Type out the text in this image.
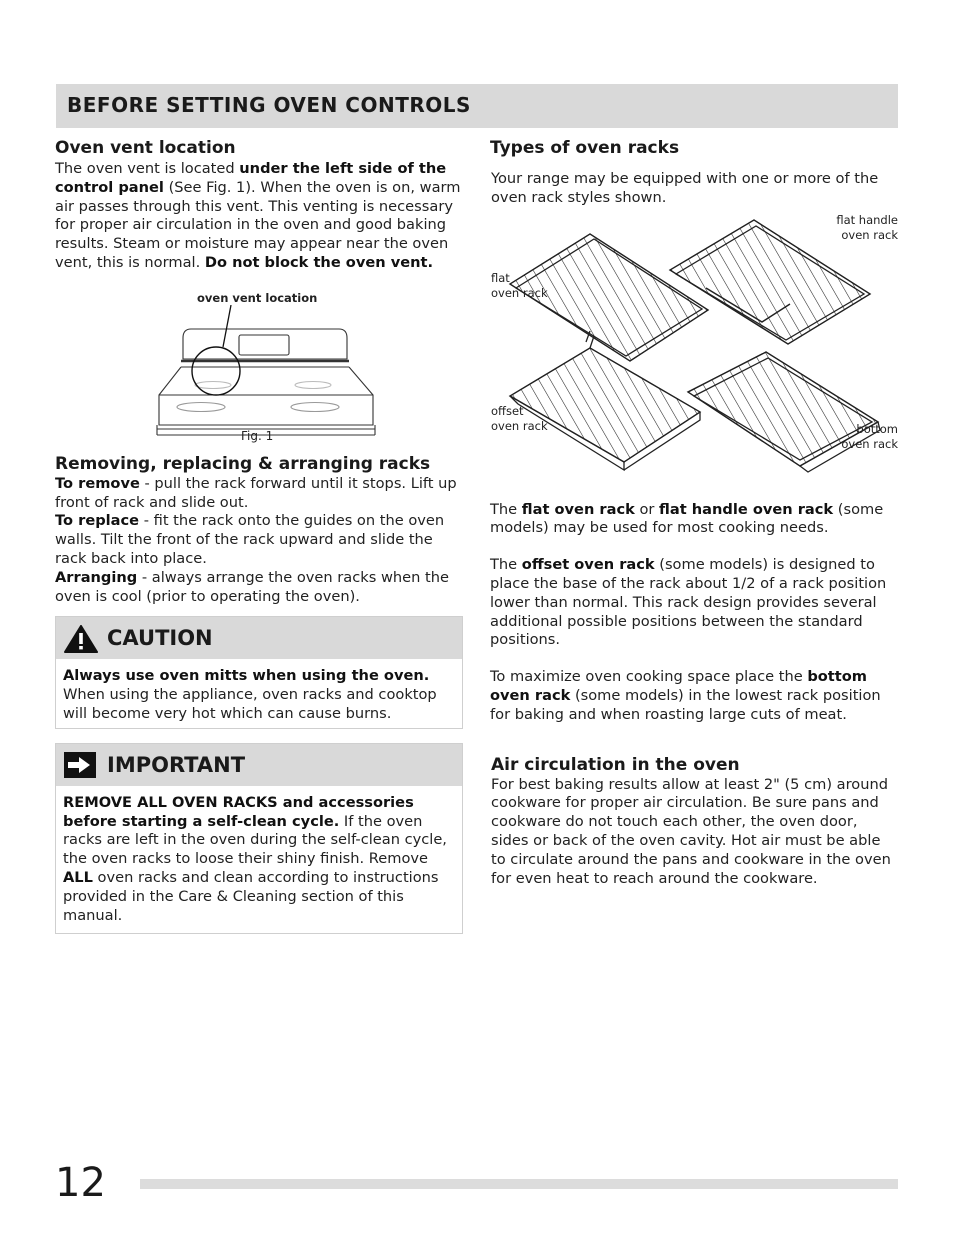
BEFORE SETTING OVEN CONTROLS
Oven vent location

The oven vent is located under the left side of the control panel (See Fig. 1). When the oven is on, warm air passes through this vent. This venting is necessary for proper air circulation in the oven and good baking results. Steam or moisture may appear near the oven vent, this is normal. Do not block the oven vent.

oven vent location
Fig. 1
Removing, replacing & arranging racks

To remove - pull the rack forward until it stops. Lift up front of rack and slide out.

To replace - fit the rack onto the guides on the oven walls. Tilt the front of the rack upward and slide the rack back into place.

Arranging - always arrange the oven racks when the oven is cool (prior to operating the oven).

CAUTION

Always use oven mitts when using the oven. When using the appliance, oven racks and cooktop will become very hot which can cause burns.

IMPORTANT

REMOVE ALL OVEN RACKS and accessories before starting a self-clean cycle. If the oven racks are left in the oven during the self-clean cycle, the oven racks to loose their shiny finish. Remove ALL oven racks and clean according to instructions provided in the Care & Cleaning section of this manual.

Types of oven racks

Your range may be equipped with one or more of the oven rack styles shown.

flat handle
oven rack
flat
oven rack
offset
oven rack	bottom
oven rack

The flat oven rack or flat handle oven rack (some models) may be used for most cooking needs.

The offset oven rack (some models) is designed to place the base of the rack about 1/2 of a rack position lower than normal. This rack design provides several additional possible positions between the standard positions.

To maximize oven cooking space place the bottom oven rack (some models) in the lowest rack position for baking and when roasting large cuts of meat.

Air circulation in the oven

For best baking results allow at least 2" (5 cm) around cookware for proper air circulation. Be sure pans and cookware do not touch each other, the oven door, sides or back of the oven cavity. Hot air must be able to circulate around the pans and cookware in the oven for even heat to reach around the cookware.

12
